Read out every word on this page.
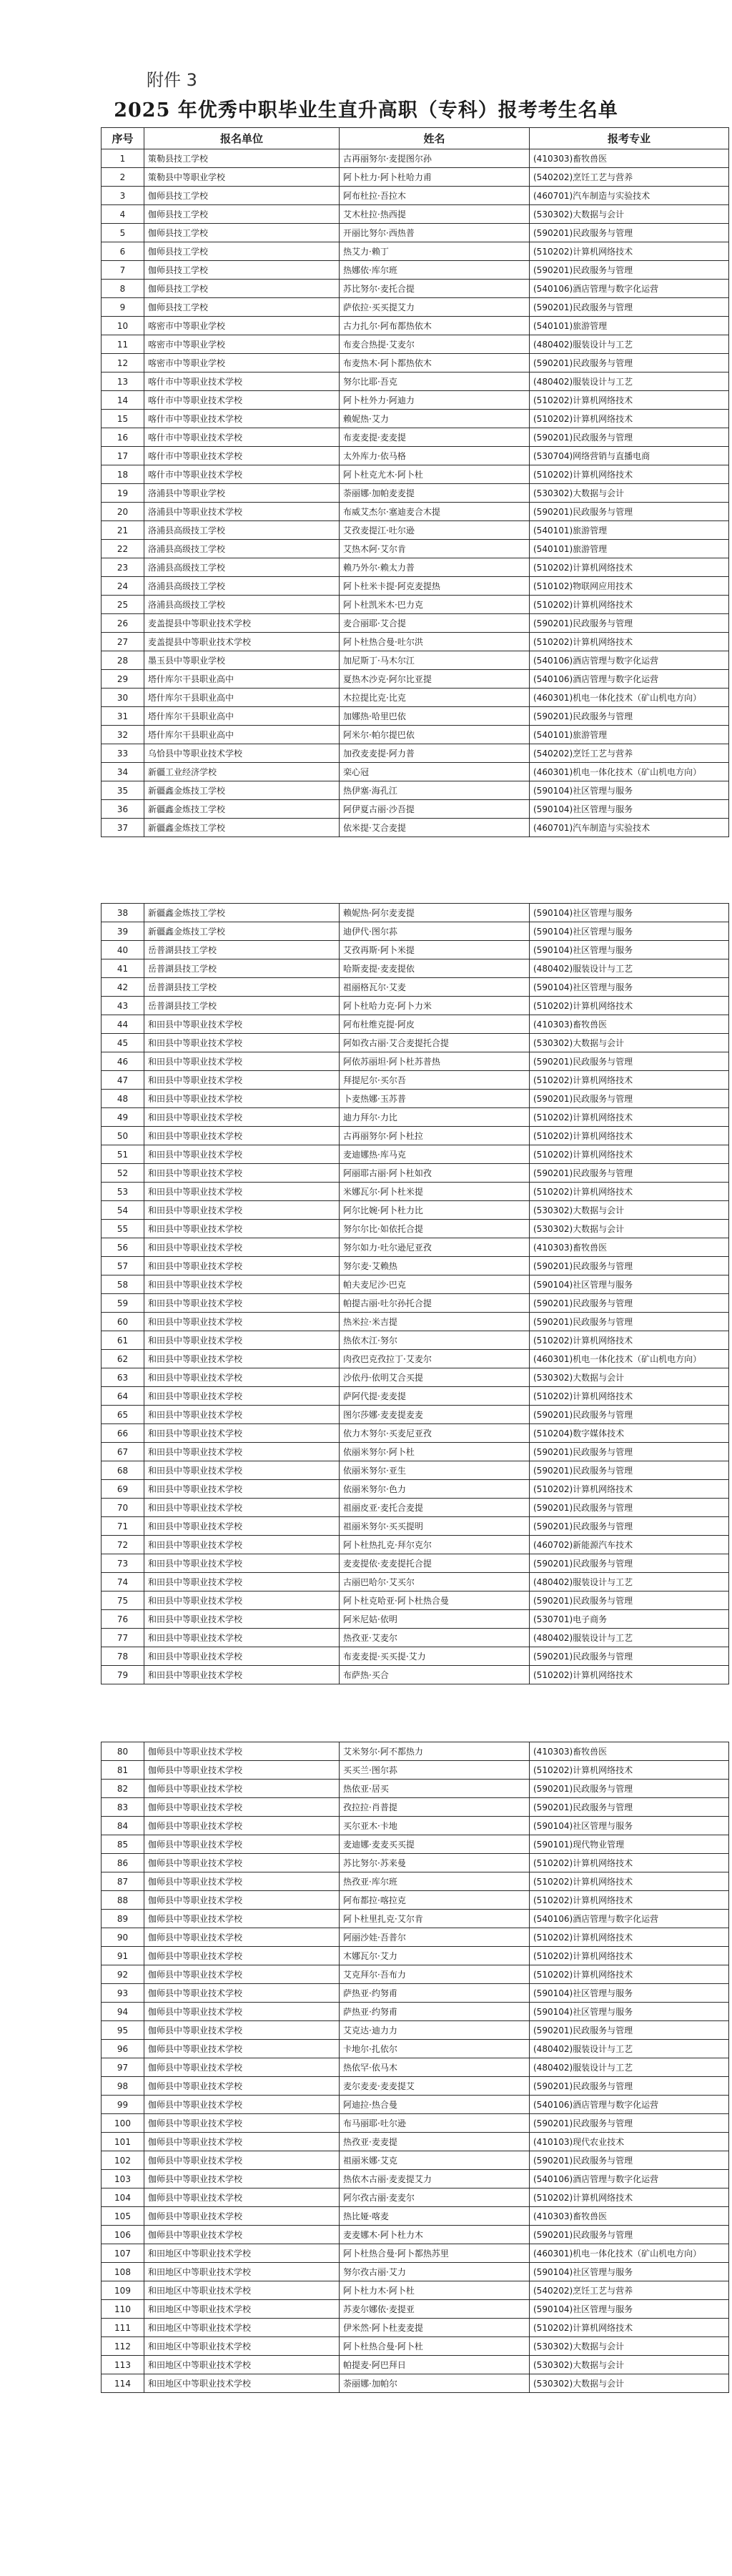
附件 3
2025 年优秀中职毕业生直升高职（专科）报考考生名单
序号	报名单位	姓名	报考专业
1	策勒县技工学校	古再丽努尔·麦提图尔孙	(410303)畜牧兽医
2	策勒县中等职业学校	阿卜杜力·阿卜杜哈力甫	(540202)烹饪工艺与营养
3	伽师县技工学校	阿布杜拉·吾拉木	(460701)汽车制造与实验技术
4	伽师县技工学校	艾木杜拉·热西提	(530302)大数据与会计
5	伽师县技工学校	开丽比努尔·西热普	(590201)民政服务与管理
6	伽师县技工学校	热艾力·赖丁	(510202)计算机网络技术
7	伽师县技工学校	热娜依·库尔班	(590201)民政服务与管理
8	伽师县技工学校	苏比努尔·麦托合提	(540106)酒店管理与数字化运营
9	伽师县技工学校	萨依拉·买买提艾力	(590201)民政服务与管理
10	喀密市中等职业学校	古力扎尔·阿布都热依木	(540101)旅游管理
11	喀密市中等职业学校	布麦合热提·艾麦尔	(480402)服装设计与工艺
12	喀密市中等职业学校	布麦热木·阿卜都热依木	(590201)民政服务与管理
13	喀什市中等职业技术学校	努尔比耶·吾克	(480402)服装设计与工艺
14	喀什市中等职业技术学校	阿卜杜外力·阿迪力	(510202)计算机网络技术
15	喀什市中等职业技术学校	赖妮热·艾力	(510202)计算机网络技术
16	喀什市中等职业技术学校	布麦麦提·麦麦提	(590201)民政服务与管理
17	喀什市中等职业技术学校	太外库力·依马格	(530704)网络营销与直播电商
18	喀什市中等职业技术学校	阿卜杜克尤木·阿卜杜	(510202)计算机网络技术
19	洛浦县中等职业学校	荼丽娜·加帕麦麦提	(530302)大数据与会计
20	洛浦县中等职业技术学校	布威艾杰尔·塞迪麦合木提	(590201)民政服务与管理
21	洛浦县高级技工学校	艾孜麦提江·吐尔逊	(540101)旅游管理
22	洛浦县高级技工学校	艾热木阿·艾尔肯	(540101)旅游管理
23	洛浦县高级技工学校	赖乃外尔·赖太力普	(510202)计算机网络技术
24	洛浦县高级技工学校	阿卜杜米卡提·阿克麦提热	(510102)物联网应用技术
25	洛浦县高级技工学校	阿卜杜凯米木·巴力克	(510202)计算机网络技术
26	麦盖提县中等职业技术学校	麦合丽耶·艾合提	(590201)民政服务与管理
27	麦盖提县中等职业技术学校	阿卜杜热合曼·吐尔洪	(510202)计算机网络技术
28	墨玉县中等职业学校	加尼斯丁·马木尔江	(540106)酒店管理与数字化运营
29	塔什库尔干县职业高中	夏热木沙克·阿尔比亚提	(540106)酒店管理与数字化运营
30	塔什库尔干县职业高中	木拉提比克·比克	(460301)机电一体化技术（矿山机电方向）
31	塔什库尔干县职业高中	加娜热·哈里巴依	(590201)民政服务与管理
32	塔什库尔干县职业高中	阿米尔·帕尔提巴依	(540101)旅游管理
33	乌恰县中等职业技术学校	加孜麦麦提·阿力普	(540202)烹饪工艺与营养
34	新疆工业经济学校	栾心冠	(460301)机电一体化技术（矿山机电方向）
35	新疆鑫金炼技工学校	热伊塞·海孔江	(590104)社区管理与服务
36	新疆鑫金炼技工学校	阿伊夏古丽·沙吾提	(590104)社区管理与服务
37	新疆鑫金炼技工学校	依米提·艾合麦提	(460701)汽车制造与实验技术
38	新疆鑫金炼技工学校	赖妮热·阿尔麦麦提	(590104)社区管理与服务
39	新疆鑫金炼技工学校	迪伊代·图尔荪	(590104)社区管理与服务
40	岳普湖县技工学校	艾孜再斯·阿卜米提	(590104)社区管理与服务
41	岳普湖县技工学校	哈斯麦提·麦麦提依	(480402)服装设计与工艺
42	岳普湖县技工学校	祖丽格瓦尔·艾麦	(590104)社区管理与服务
43	岳普湖县技工学校	阿卜杜哈力克·阿卜力米	(510202)计算机网络技术
44	和田县中等职业技术学校	阿布杜维克提·阿皮	(410303)畜牧兽医
45	和田县中等职业技术学校	阿如孜古丽·艾合麦提托合提	(530302)大数据与会计
46	和田县中等职业技术学校	阿依苏丽坦·阿卜杜苏普热	(590201)民政服务与管理
47	和田县中等职业技术学校	拜提尼尔·买尔吾	(510202)计算机网络技术
48	和田县中等职业技术学校	卜麦热娜·玉苏普	(590201)民政服务与管理
49	和田县中等职业技术学校	迪力拜尔·力比	(510202)计算机网络技术
50	和田县中等职业技术学校	古再丽努尔·阿卜杜拉	(510202)计算机网络技术
51	和田县中等职业技术学校	麦迪娜热·库马克	(510202)计算机网络技术
52	和田县中等职业技术学校	阿丽耶古丽·阿卜杜如孜	(590201)民政服务与管理
53	和田县中等职业技术学校	米娜瓦尔·阿卜杜米提	(510202)计算机网络技术
54	和田县中等职业技术学校	阿尔比婉·阿卜杜力比	(530302)大数据与会计
55	和田县中等职业技术学校	努尔尔比·如依托合提	(530302)大数据与会计
56	和田县中等职业技术学校	努尔如力·吐尔逊尼亚孜	(410303)畜牧兽医
57	和田县中等职业技术学校	努尔麦·艾赖热	(590201)民政服务与管理
58	和田县中等职业技术学校	帕夫麦尼沙·巴克	(590104)社区管理与服务
59	和田县中等职业技术学校	帕提古丽·吐尔孙托合提	(590201)民政服务与管理
60	和田县中等职业技术学校	热米拉·米吉提	(590201)民政服务与管理
61	和田县中等职业技术学校	热依木江·努尔	(510202)计算机网络技术
62	和田县中等职业技术学校	肉孜巴克孜拉丁·艾麦尔	(460301)机电一体化技术（矿山机电方向）
63	和田县中等职业技术学校	沙依丹·依明艾合买提	(530302)大数据与会计
64	和田县中等职业技术学校	萨阿代提·麦麦提	(510202)计算机网络技术
65	和田县中等职业技术学校	图尔莎娜·麦麦提麦麦	(590201)民政服务与管理
66	和田县中等职业技术学校	依力木努尔·买麦尼亚孜	(510204)数字媒体技术
67	和田县中等职业技术学校	依丽米努尔·阿卜杜	(590201)民政服务与管理
68	和田县中等职业技术学校	依丽米努尔·亚生	(590201)民政服务与管理
69	和田县中等职业技术学校	依丽米努尔·色力	(510202)计算机网络技术
70	和田县中等职业技术学校	祖丽皮亚·麦托合麦提	(590201)民政服务与管理
71	和田县中等职业技术学校	祖丽米努尔·买买提明	(590201)民政服务与管理
72	和田县中等职业技术学校	阿卜杜热扎克·拜尔克尔	(460702)新能源汽车技术
73	和田县中等职业技术学校	麦麦提依·麦麦提托合提	(590201)民政服务与管理
74	和田县中等职业技术学校	古丽巴哈尔·艾买尔	(480402)服装设计与工艺
75	和田县中等职业技术学校	阿卜杜克哈亚·阿卜杜热合曼	(590201)民政服务与管理
76	和田县中等职业技术学校	阿米尼姑·依明	(530701)电子商务
77	和田县中等职业技术学校	热孜亚·艾麦尔	(480402)服装设计与工艺
78	和田县中等职业技术学校	布麦麦提·买买提·艾力	(590201)民政服务与管理
79	和田县中等职业技术学校	布萨热·买合	(510202)计算机网络技术
80	伽师县中等职业技术学校	艾米努尔·阿不都热力	(410303)畜牧兽医
81	伽师县中等职业技术学校	买买兰·图尔荪	(510202)计算机网络技术
82	伽师县中等职业技术学校	热依亚·居买	(590201)民政服务与管理
83	伽师县中等职业技术学校	孜拉拉·肖普提	(590201)民政服务与管理
84	伽师县中等职业技术学校	买尔亚木·卡地	(590104)社区管理与服务
85	伽师县中等职业技术学校	麦迪娜·麦麦买买提	(590101)现代物业管理
86	伽师县中等职业技术学校	苏比努尔·苏来曼	(510202)计算机网络技术
87	伽师县中等职业技术学校	热孜亚·库尔班	(510202)计算机网络技术
88	伽师县中等职业技术学校	阿布都拉·喀拉克	(510202)计算机网络技术
89	伽师县中等职业技术学校	阿卜杜里扎克·艾尔肯	(540106)酒店管理与数字化运营
90	伽师县中等职业技术学校	阿丽沙娃·吾普尔	(510202)计算机网络技术
91	伽师县中等职业技术学校	木娜瓦尔·艾力	(510202)计算机网络技术
92	伽师县中等职业技术学校	艾克拜尔·吾布力	(510202)计算机网络技术
93	伽师县中等职业技术学校	萨热亚·约努甫	(590104)社区管理与服务
94	伽师县中等职业技术学校	萨热亚·约努甫	(590104)社区管理与服务
95	伽师县中等职业技术学校	艾克达·迪力力	(590201)民政服务与管理
96	伽师县中等职业技术学校	卡地尔·扎依尔	(480402)服装设计与工艺
97	伽师县中等职业技术学校	热依罕·依马木	(480402)服装设计与工艺
98	伽师县中等职业技术学校	麦尔麦麦·麦麦提艾	(590201)民政服务与管理
99	伽师县中等职业技术学校	阿迪拉·热合曼	(540106)酒店管理与数字化运营
100	伽师县中等职业技术学校	布马丽耶·吐尔逊	(590201)民政服务与管理
101	伽师县中等职业技术学校	热孜亚·麦麦提	(410103)现代农业技术
102	伽师县中等职业技术学校	祖丽米娜·艾克	(590201)民政服务与管理
103	伽师县中等职业技术学校	热依木古丽·麦麦提艾力	(540106)酒店管理与数字化运营
104	伽师县中等职业技术学校	阿尔孜古丽·麦麦尔	(510202)计算机网络技术
105	伽师县中等职业技术学校	热比娅·喀麦	(410303)畜牧兽医
106	伽师县中等职业技术学校	麦麦娜木·阿卜杜力木	(590201)民政服务与管理
107	和田地区中等职业技术学校	阿卜杜热合曼·阿卜都热苏里	(460301)机电一体化技术（矿山机电方向）
108	和田地区中等职业技术学校	努尔孜古丽·艾力	(590104)社区管理与服务
109	和田地区中等职业技术学校	阿卜杜力木·阿卜杜	(540202)烹饪工艺与营养
110	和田地区中等职业技术学校	苏麦尔娜依·麦提亚	(590104)社区管理与服务
111	和田地区中等职业技术学校	伊米然·阿卜杜麦麦提	(510202)计算机网络技术
112	和田地区中等职业技术学校	阿卜杜热合曼·阿卜杜	(530302)大数据与会计
113	和田地区中等职业技术学校	帕提麦·阿巴拜日	(530302)大数据与会计
114	和田地区中等职业技术学校	荼丽娜·加帕尔	(530302)大数据与会计
